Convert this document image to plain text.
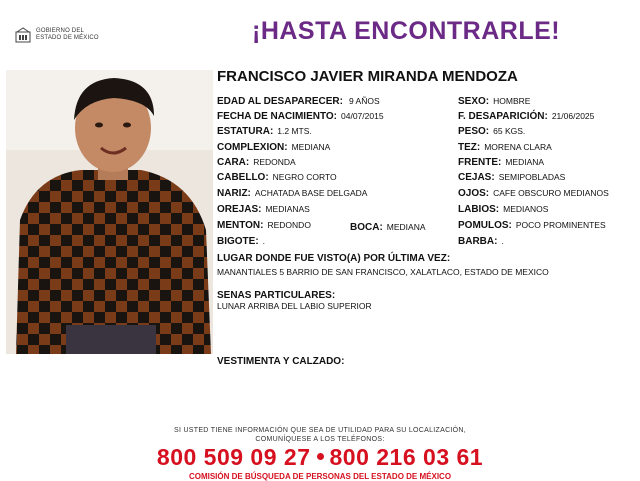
GOBIERNO DEL
ESTADO DE MÉXICO	¡HASTA ENCONTRARLE!
FRANCISCO JAVIER MIRANDA MENDOZA
EDAD AL DESAPARECER: 9 AÑOS
FECHA DE NACIMIENTO: 04/07/2015
ESTATURA: 1.2 MTS.
COMPLEXION: MEDIANA
CARA: REDONDA
CABELLO: NEGRO CORTO
NARIZ: ACHATADA BASE DELGADA
OREJAS: MEDIANAS
MENTON: REDONDO	BOCA: MEDIANA
BIGOTE: .
SEXO: HOMBRE
F. DESAPARICIÓN: 21/06/2025
PESO: 65 KGS.
TEZ: MORENA CLARA
FRENTE: MEDIANA
CEJAS: SEMIPOBLADAS
OJOS: CAFE OBSCURO MEDIANOS
LABIOS: MEDIANOS
POMULOS: POCO PROMINENTES
BARBA: .
LUGAR DONDE FUE VISTO(A) POR ÚLTIMA VEZ:
MANANTIALES 5 BARRIO DE SAN FRANCISCO, XALATLACO, ESTADO DE MEXICO
SENAS PARTICULARES:
LUNAR ARRIBA DEL LABIO SUPERIOR
VESTIMENTA Y CALZADO:
SI USTED TIENE INFORMACIÓN QUE SEA DE UTILIDAD PARA SU LOCALIZACIÓN,
COMUNÍQUESE A LOS TELÉFONOS:
800 509 09 27 800 216 03 61
COMISIÓN DE BÚSQUEDA DE PERSONAS DEL ESTADO DE MÉXICO
